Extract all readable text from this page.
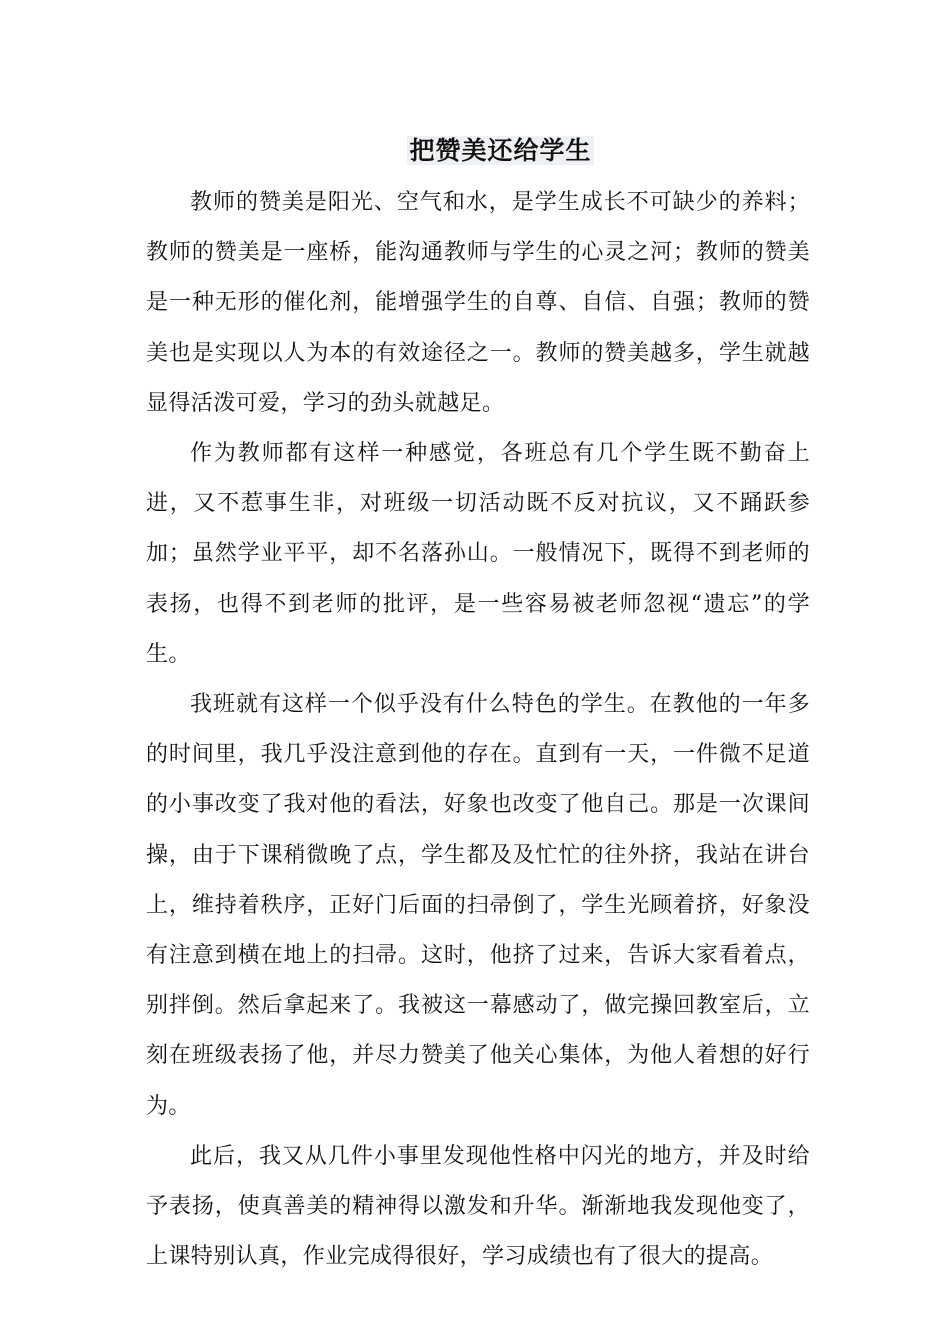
把赞美还给学生

教师的赞美是阳光、空气和水，是学生成长不可缺少的养料；教师的赞美是一座桥，能沟通教师与学生的心灵之河；教师的赞美是一种无形的催化剂，能增强学生的自尊、自信、自强；教师的赞美也是实现以人为本的有效途径之一。教师的赞美越多，学生就越显得活泼可爱，学习的劲头就越足。

作为教师都有这样一种感觉，各班总有几个学生既不勤奋上进，又不惹事生非，对班级一切活动既不反对抗议，又不踊跃参加；虽然学业平平，却不名落孙山。一般情况下，既得不到老师的表扬，也得不到老师的批评，是一些容易被老师忽视“遗忘”的学生。

我班就有这样一个似乎没有什么特色的学生。在教他的一年多的时间里，我几乎没注意到他的存在。直到有一天，一件微不足道的小事改变了我对他的看法，好象也改变了他自己。那是一次课间操，由于下课稍微晚了点，学生都及及忙忙的往外挤，我站在讲台上，维持着秩序，正好门后面的扫帚倒了，学生光顾着挤，好象没有注意到横在地上的扫帚。这时，他挤了过来，告诉大家看着点，别拌倒。然后拿起来了。我被这一幕感动了，做完操回教室后，立刻在班级表扬了他，并尽力赞美了他关心集体，为他人着想的好行为。

此后，我又从几件小事里发现他性格中闪光的地方，并及时给予表扬，使真善美的精神得以激发和升华。渐渐地我发现他变了，上课特别认真，作业完成得很好，学习成绩也有了很大的提高。
